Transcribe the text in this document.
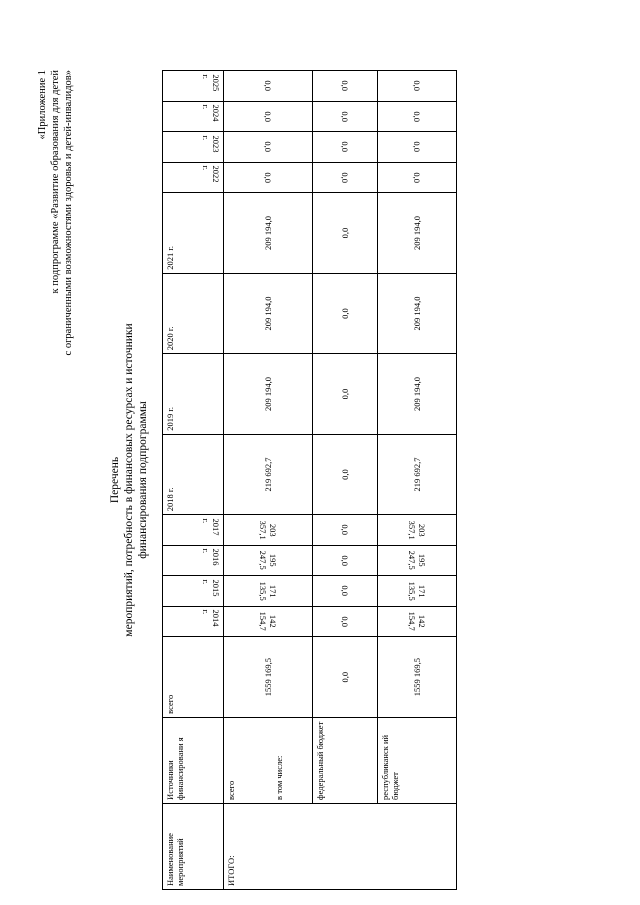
«Приложение 1 к подпрограмме «Развитие образования для детей с ограниченными возможностями здоровья и детей-инвалидов»
Перечень мероприятий, потребность в финансовых ресурсах и источники финансирования подпрограммы
Наименование мероприятий	Источники финансировани я	всего	2014 г.	2015 г.	2016 г.	2017 г.	2018 г.	2019 г.	2020 г.	2021 г.	2022 г.	2023 г.	2024 г.	2025 г.
ИТОГО:	всего в том числе:	1559 169,5	142 154,7	171 135,5	195 247,5	203 357,1	219 692,7	209 194,0	209 194,0	209 194,0	0,0	0,0	0,0	0,0
	федеральный бюджет	0,0	0,0	0,0	0,0	0,0	0,0	0,0	0,0	0,0	0,0	0,0	0,0	0,0
	республиканск ий бюджет	1559 169,5	142 154,7	171 135,5	195 247,5	203 357,1	219 692,7	209 194,0	209 194,0	209 194,0	0,0	0,0	0,0	0,0
